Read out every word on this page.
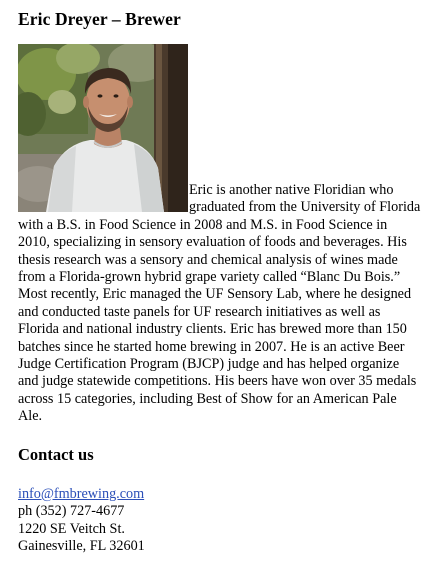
Eric Dreyer – Brewer
Eric is another native Floridian who graduated from the University of Florida with a B.S. in Food Science in 2008 and M.S. in Food Science in 2010, specializing in sensory evaluation of foods and beverages. His thesis research was a sensory and chemical analysis of wines made from a Florida-grown hybrid grape variety called “Blanc Du Bois.” Most recently, Eric managed the UF Sensory Lab, where he designed and conducted taste panels for UF research initiatives as well as Florida and national industry clients. Eric has brewed more than 150 batches since he started home brewing in 2007. He is an active Beer Judge Certification Program (BJCP) judge and has helped organize and judge statewide competitions. His beers have won over 35 medals across 15 categories, including Best of Show for an American Pale Ale.
Contact us
info@fmbrewing.com
ph (352) 727-4677
1220 SE Veitch St.
Gainesville, FL 32601
